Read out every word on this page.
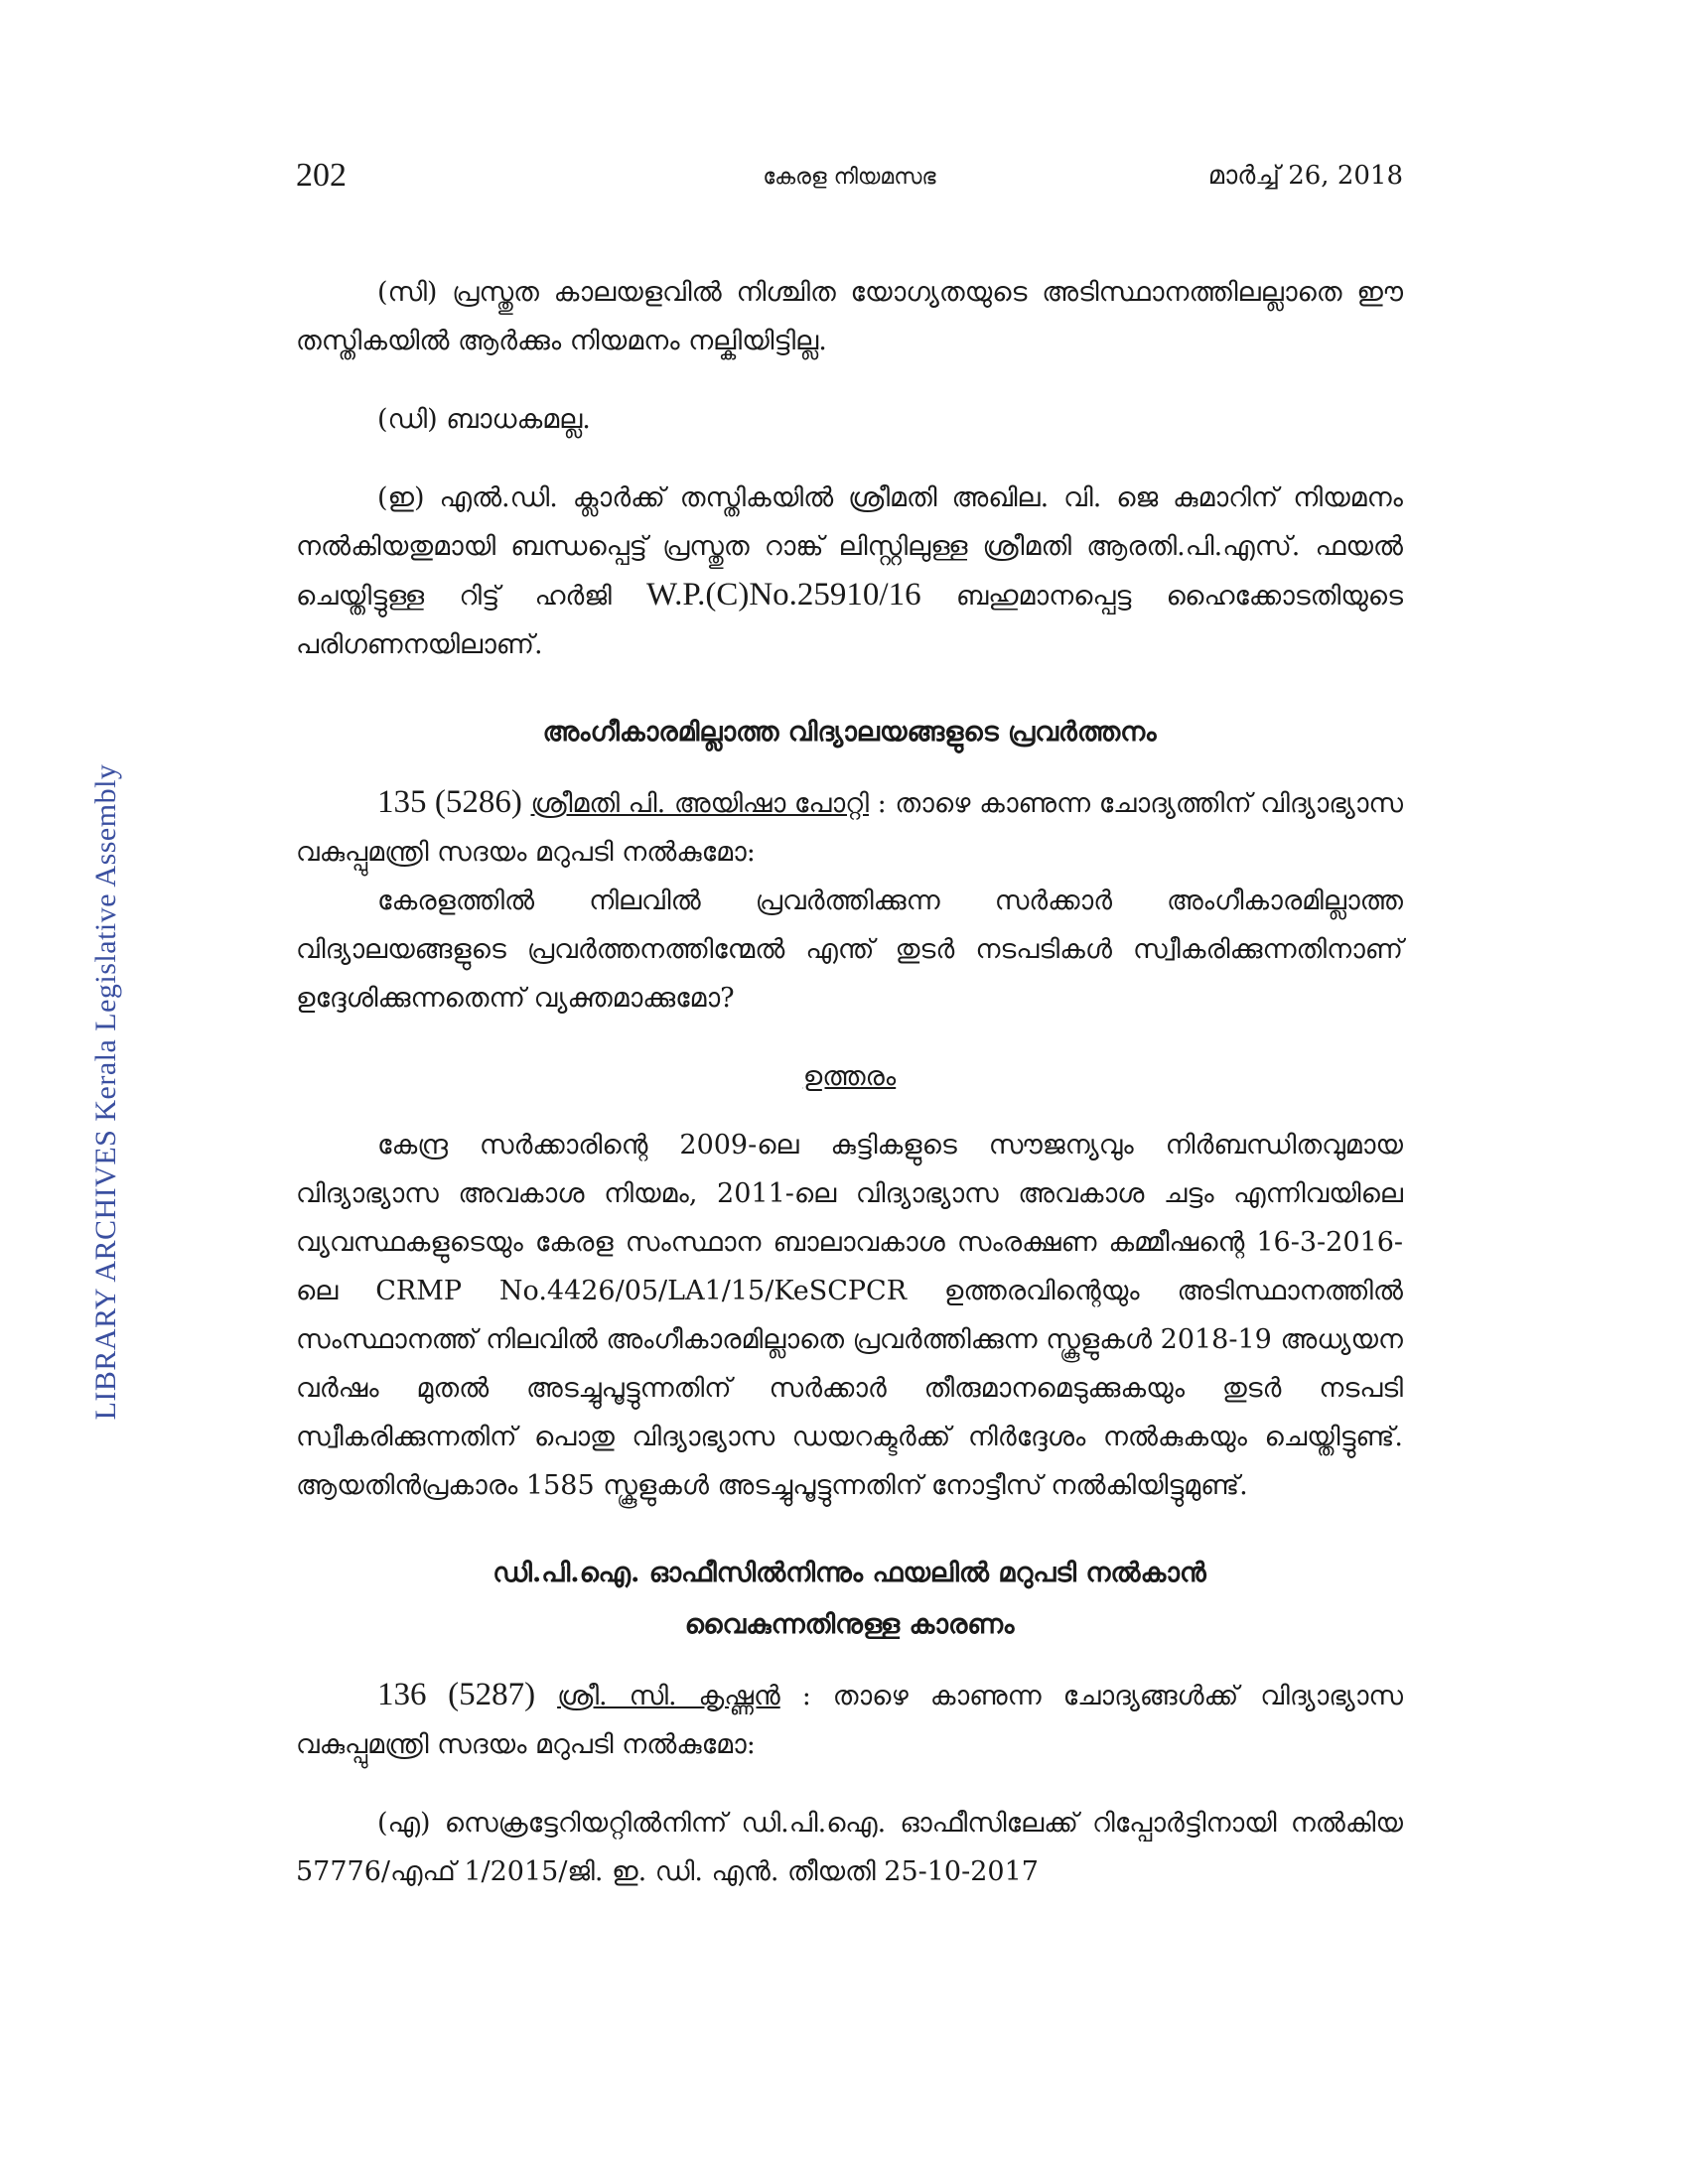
LIBRARY ARCHIVES Kerala Legislative Assembly
202	കേരള നിയമസഭ	മാർച്ച് 26, 2018

(സി) പ്രസ്തുത കാലയളവിൽ നിശ്ചിത യോഗ്യതയുടെ അടിസ്ഥാനത്തിലല്ലാതെ ഈ തസ്തികയിൽ ആർക്കും നിയമനം നല്കിയിട്ടില്ല.

(ഡി) ബാധകമല്ല.

(ഇ) എൽ.ഡി. ക്ലാർക്ക് തസ്തികയിൽ ശ്രീമതി അഖില. വി. ജെ കുമാറിന് നിയമനം നൽകിയതുമായി ബന്ധപ്പെട്ട് പ്രസ്തുത റാങ്ക് ലിസ്റ്റിലുള്ള ശ്രീമതി ആരതി.പി.എസ്. ഫയൽ ചെയ്തിട്ടുള്ള റിട്ട് ഹർജി W.P.(C)No.25910/16 ബഹുമാനപ്പെട്ട ഹൈക്കോടതിയുടെ പരിഗണനയിലാണ്.

അംഗീകാരമില്ലാത്ത വിദ്യാലയങ്ങളുടെ പ്രവർത്തനം

135 (5286) ശ്രീമതി പി. അയിഷാ പോറ്റി : താഴെ കാണുന്ന ചോദ്യത്തിന് വിദ്യാഭ്യാസ വകുപ്പുമന്ത്രി സദയം മറുപടി നൽകുമോ:

കേരളത്തിൽ നിലവിൽ പ്രവർത്തിക്കുന്ന സർക്കാർ അംഗീകാരമില്ലാത്ത വിദ്യാലയങ്ങളുടെ പ്രവർത്തനത്തിന്മേൽ എന്ത് തുടർ നടപടികൾ സ്വീകരിക്കുന്നതിനാണ് ഉദ്ദേശിക്കുന്നതെന്ന് വ്യക്തമാക്കുമോ?

ഉത്തരം

കേന്ദ്ര സർക്കാരിന്റെ 2009-ലെ കുട്ടികളുടെ സൗജന്യവും നിർബന്ധിതവുമായ വിദ്യാഭ്യാസ അവകാശ നിയമം, 2011-ലെ വിദ്യാഭ്യാസ അവകാശ ചട്ടം എന്നിവയിലെ വ്യവസ്ഥകളുടെയും കേരള സംസ്ഥാന ബാലാവകാശ സംരക്ഷണ കമ്മീഷന്റെ 16-3-2016-ലെ CRMP No.4426/05/LA1/15/KeSCPCR ഉത്തരവിന്റെയും അടിസ്ഥാനത്തിൽ സംസ്ഥാനത്ത് നിലവിൽ അംഗീകാരമില്ലാതെ പ്രവർത്തിക്കുന്ന സ്കൂളുകൾ 2018-19 അധ്യയന വർഷം മുതൽ അടച്ചുപൂട്ടുന്നതിന് സർക്കാർ തീരുമാനമെടുക്കുകയും തുടർ നടപടി സ്വീകരിക്കുന്നതിന് പൊതു വിദ്യാഭ്യാസ ഡയറക്ടർക്ക് നിർദ്ദേശം നൽകുകയും ചെയ്തിട്ടുണ്ട്. ആയതിൻപ്രകാരം 1585 സ്കൂളുകൾ അടച്ചുപൂട്ടുന്നതിന് നോട്ടീസ് നൽകിയിട്ടുമുണ്ട്.

ഡി.പി.ഐ. ഓഫീസിൽനിന്നും ഫയലിൽ മറുപടി നൽകാൻ
വൈകുന്നതിനുള്ള കാരണം

136 (5287) ശ്രീ. സി. കൃഷ്ണൻ : താഴെ കാണുന്ന ചോദ്യങ്ങൾക്ക് വിദ്യാഭ്യാസ വകുപ്പുമന്ത്രി സദയം മറുപടി നൽകുമോ:

(എ) സെക്രട്ടേറിയറ്റിൽനിന്ന് ഡി.പി.ഐ. ഓഫീസിലേക്ക് റിപ്പോർട്ടിനായി നൽകിയ 57776/എഫ് 1/2015/ജി. ഇ. ഡി. എൻ. തീയതി 25-10-2017
